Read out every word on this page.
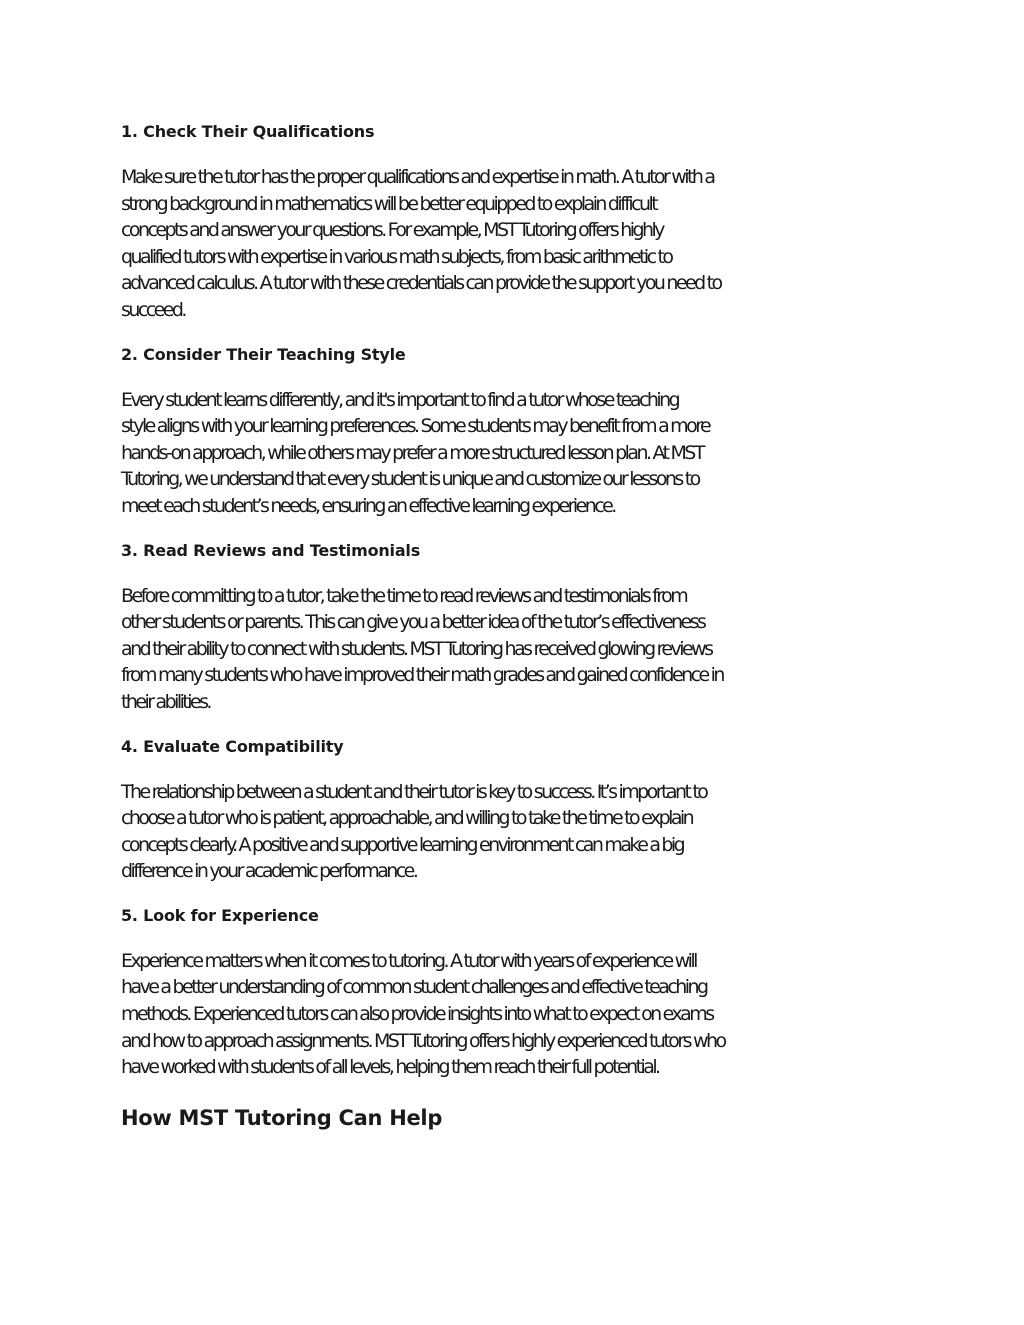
1. Check Their Qualifications

Make sure the tutor has the proper qualifications and expertise in math. A tutor with a
strong background in mathematics will be better equipped to explain difficult
concepts and answer your questions. For example, MST Tutoring offers highly
qualified tutors with expertise in various math subjects, from basic arithmetic to
advanced calculus. A tutor with these credentials can provide the support you need to
succeed.

2. Consider Their Teaching Style

Every student learns differently, and it's important to find a tutor whose teaching
style aligns with your learning preferences. Some students may benefit from a more
hands-on approach, while others may prefer a more structured lesson plan. At MST
Tutoring, we understand that every student is unique and customize our lessons to
meet each student’s needs, ensuring an effective learning experience.

3. Read Reviews and Testimonials

Before committing to a tutor, take the time to read reviews and testimonials from
other students or parents. This can give you a better idea of the tutor’s effectiveness
and their ability to connect with students. MST Tutoring has received glowing reviews
from many students who have improved their math grades and gained confidence in
their abilities.

4. Evaluate Compatibility

The relationship between a student and their tutor is key to success. It’s important to
choose a tutor who is patient, approachable, and willing to take the time to explain
concepts clearly. A positive and supportive learning environment can make a big
difference in your academic performance.

5. Look for Experience

Experience matters when it comes to tutoring. A tutor with years of experience will
have a better understanding of common student challenges and effective teaching
methods. Experienced tutors can also provide insights into what to expect on exams
and how to approach assignments. MST Tutoring offers highly experienced tutors who
have worked with students of all levels, helping them reach their full potential.

How MST Tutoring Can Help
